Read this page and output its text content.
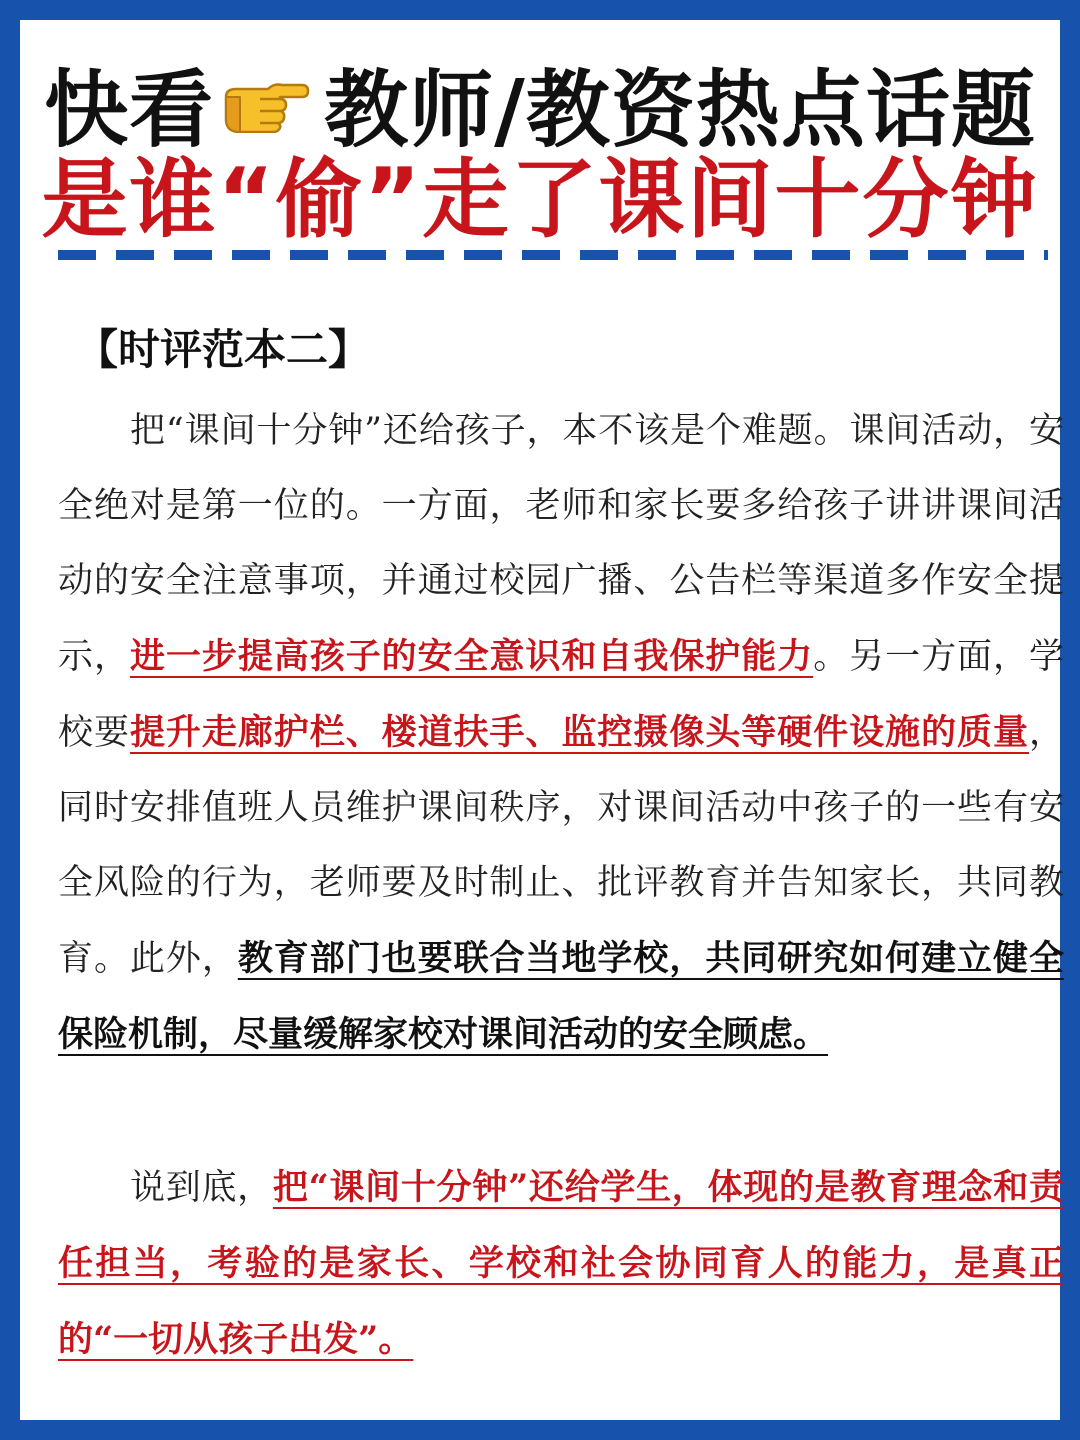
快看 教师/教资热点话题
是谁“偷”走了课间十分钟
【时评范本二】

把“课间十分钟”还给孩子，本不该是个难题。课间活动，安全绝对是第一位的。一方面，老师和家长要多给孩子讲讲课间活动的安全注意事项，并通过校园广播、公告栏等渠道多作安全提示，进一步提高孩子的安全意识和自我保护能力。另一方面，学校要提升走廊护栏、楼道扶手、监控摄像头等硬件设施的质量，同时安排值班人员维护课间秩序，对课间活动中孩子的一些有安全风险的行为，老师要及时制止、批评教育并告知家长，共同教育。此外，教育部门也要联合当地学校，共同研究如何建立健全保险机制，尽量缓解家校对课间活动的安全顾虑。

说到底，把“课间十分钟”还给学生，体现的是教育理念和责任担当，考验的是家长、学校和社会协同育人的能力，是真正的“一切从孩子出发”。
